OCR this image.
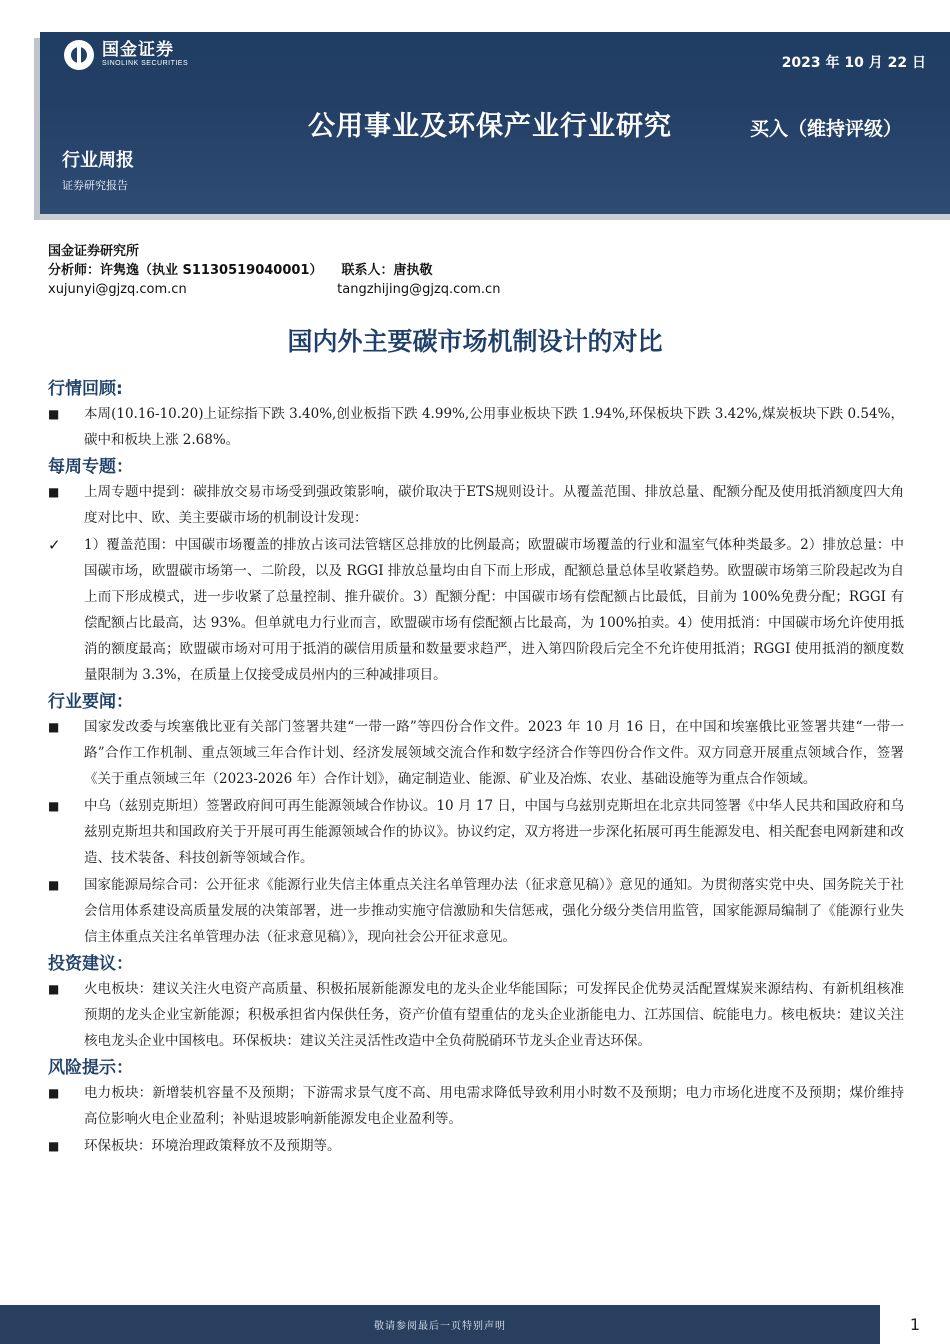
国金证券
SINOLINK SECURITIES	2023 年 10 月 22 日
公用事业及环保产业行业研究	买入（维持评级）
行业周报
证券研究报告
国金证券研究所
分析师：许隽逸（执业 S1130519040001） 联系人：唐执敬
xujunyi@gjzq.com.cn	tangzhijing@gjzq.com.cn
国内外主要碳市场机制设计的对比
行情回顾:
■	本周(10.16-10.20)上证综指下跌 3.40%,创业板指下跌 4.99%,公用事业板块下跌 1.94%,环保板块下跌 3.42%,煤炭板块下跌 0.54%，碳中和板块上涨 2.68%。
每周专题：
■	上周专题中提到：碳排放交易市场受到强政策影响，碳价取决于ETS规则设计。从覆盖范围、排放总量、配额分配及使用抵消额度四大角度对比中、欧、美主要碳市场的机制设计发现：
✓	1）覆盖范围：中国碳市场覆盖的排放占该司法管辖区总排放的比例最高；欧盟碳市场覆盖的行业和温室气体种类最多。2）排放总量：中国碳市场，欧盟碳市场第一、二阶段，以及 RGGI 排放总量均由自下而上形成，配额总量总体呈收紧趋势。欧盟碳市场第三阶段起改为自上而下形成模式，进一步收紧了总量控制、推升碳价。3）配额分配：中国碳市场有偿配额占比最低，目前为 100%免费分配；RGGI 有偿配额占比最高，达 93%。但单就电力行业而言，欧盟碳市场有偿配额占比最高，为 100%拍卖。4）使用抵消：中国碳市场允许使用抵消的额度最高；欧盟碳市场对可用于抵消的碳信用质量和数量要求趋严，进入第四阶段后完全不允许使用抵消；RGGI 使用抵消的额度数量限制为 3.3%，在质量上仅接受成员州内的三种减排项目。
行业要闻：
■	国家发改委与埃塞俄比亚有关部门签署共建“一带一路”等四份合作文件。2023 年 10 月 16 日，在中国和埃塞俄比亚签署共建“一带一路”合作工作机制、重点领域三年合作计划、经济发展领域交流合作和数字经济合作等四份合作文件。双方同意开展重点领域合作，签署《关于重点领域三年（2023-2026 年）合作计划》，确定制造业、能源、矿业及冶炼、农业、基础设施等为重点合作领域。
■	中乌（兹别克斯坦）签署政府间可再生能源领域合作协议。10 月 17 日，中国与乌兹别克斯坦在北京共同签署《中华人民共和国政府和乌兹别克斯坦共和国政府关于开展可再生能源领域合作的协议》。协议约定，双方将进一步深化拓展可再生能源发电、相关配套电网新建和改造、技术装备、科技创新等领域合作。
■	国家能源局综合司：公开征求《能源行业失信主体重点关注名单管理办法（征求意见稿）》意见的通知。为贯彻落实党中央、国务院关于社会信用体系建设高质量发展的决策部署，进一步推动实施守信激励和失信惩戒，强化分级分类信用监管，国家能源局编制了《能源行业失信主体重点关注名单管理办法（征求意见稿）》，现向社会公开征求意见。
投资建议：
■	火电板块：建议关注火电资产高质量、积极拓展新能源发电的龙头企业华能国际；可发挥民企优势灵活配置煤炭来源结构、有新机组核准预期的龙头企业宝新能源；积极承担省内保供任务，资产价值有望重估的龙头企业浙能电力、江苏国信、皖能电力。核电板块：建议关注核电龙头企业中国核电。环保板块：建议关注灵活性改造中全负荷脱硝环节龙头企业青达环保。
风险提示：
■	电力板块：新增装机容量不及预期；下游需求景气度不高、用电需求降低导致利用小时数不及预期；电力市场化进度不及预期；煤价维持高位影响火电企业盈利；补贴退坡影响新能源发电企业盈利等。
■	环保板块：环境治理政策释放不及预期等。
敬请参阅最后一页特别声明	1
